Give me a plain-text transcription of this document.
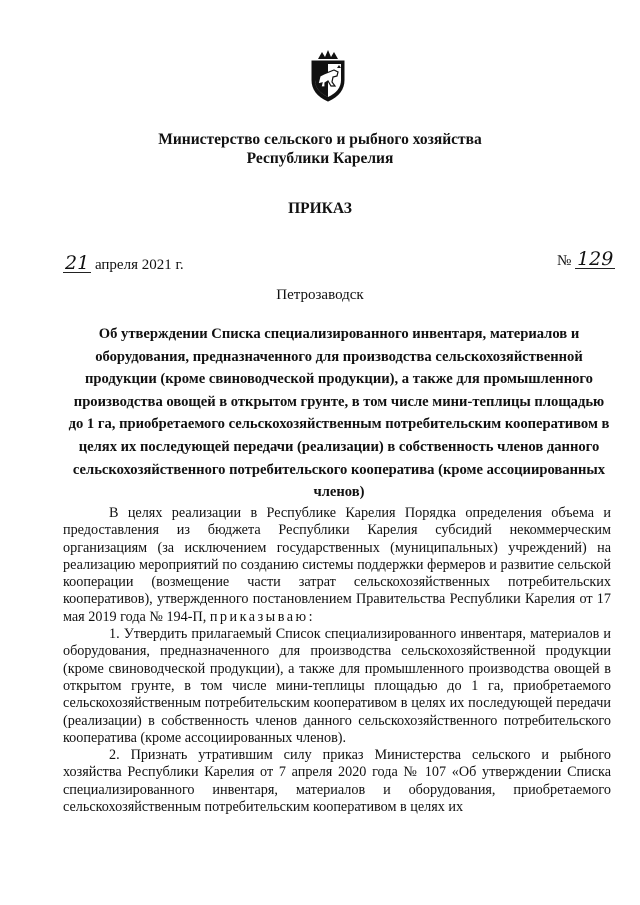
Министерство сельского и рыбного хозяйства
Республики Карелия
ПРИКАЗ
21 апреля 2021 г.	№ 129
Петрозаводск
Об утверждении Списка специализированного инвентаря, материалов и оборудования, предназначенного для производства сельскохозяйственной продукции (кроме свиноводческой продукции), а также для промышленного производства овощей в открытом грунте, в том числе мини-теплицы площадью до 1 га, приобретаемого сельскохозяйственным потребительским кооперативом в целях их последующей передачи (реализации) в собственность членов данного сельскохозяйственного потребительского кооператива (кроме ассоциированных членов)

В целях реализации в Республике Карелия Порядка определения объема и предоставления из бюджета Республики Карелия субсидий некоммерческим организациям (за исключением государственных (муниципальных) учреждений) на реализацию мероприятий по созданию системы поддержки фермеров и развитие сельской кооперации (возмещение части затрат сельскохозяйственных потребительских кооперативов), утвержденного постановлением Правительства Республики Карелия от 17 мая 2019 года № 194-П, приказываю:

1. Утвердить прилагаемый Список специализированного инвентаря, материалов и оборудования, предназначенного для производства сельскохозяйственной продукции (кроме свиноводческой продукции), а также для промышленного производства овощей в открытом грунте, в том числе мини-теплицы площадью до 1 га, приобретаемого сельскохозяйственным потребительским кооперативом в целях их последующей передачи (реализации) в собственность членов данного сельскохозяйственного потребительского кооператива (кроме ассоциированных членов).

2. Признать утратившим силу приказ Министерства сельского и рыбного хозяйства Республики Карелия от 7 апреля 2020 года № 107 «Об утверждении Списка специализированного инвентаря, материалов и оборудования, приобретаемого сельскохозяйственным потребительским кооперативом в целях их
